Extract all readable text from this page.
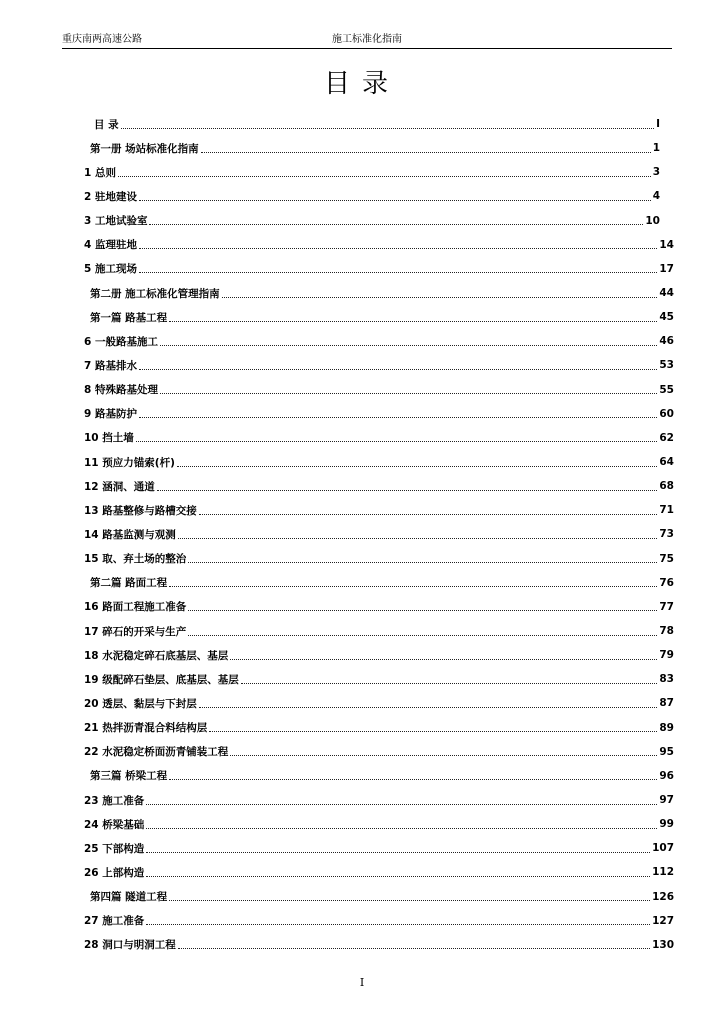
重庆南两高速公路	施工标准化指南
目录
目 录	I
第一册 场站标准化指南	1
1 总则	3
2 驻地建设	4
3 工地试验室	10
4 监理驻地	14
5 施工现场	17
第二册 施工标准化管理指南	44
第一篇 路基工程	45
6 一般路基施工	46
7 路基排水	53
8 特殊路基处理	55
9 路基防护	60
10 挡土墙	62
11 预应力锚索(杆)	64
12 涵洞、通道	68
13 路基整修与路槽交接	71
14 路基监测与观测	73
15 取、弃土场的整治	75
第二篇 路面工程	76
16 路面工程施工准备	77
17 碎石的开采与生产	78
18 水泥稳定碎石底基层、基层	79
19 级配碎石垫层、底基层、基层	83
20 透层、黏层与下封层	87
21 热拌沥青混合料结构层	89
22 水泥稳定桥面沥青铺装工程	95
第三篇 桥梁工程	96
23 施工准备	97
24 桥梁基础	99
25 下部构造	107
26 上部构造	112
第四篇 隧道工程	126
27 施工准备	127
28 洞口与明洞工程	130
I
